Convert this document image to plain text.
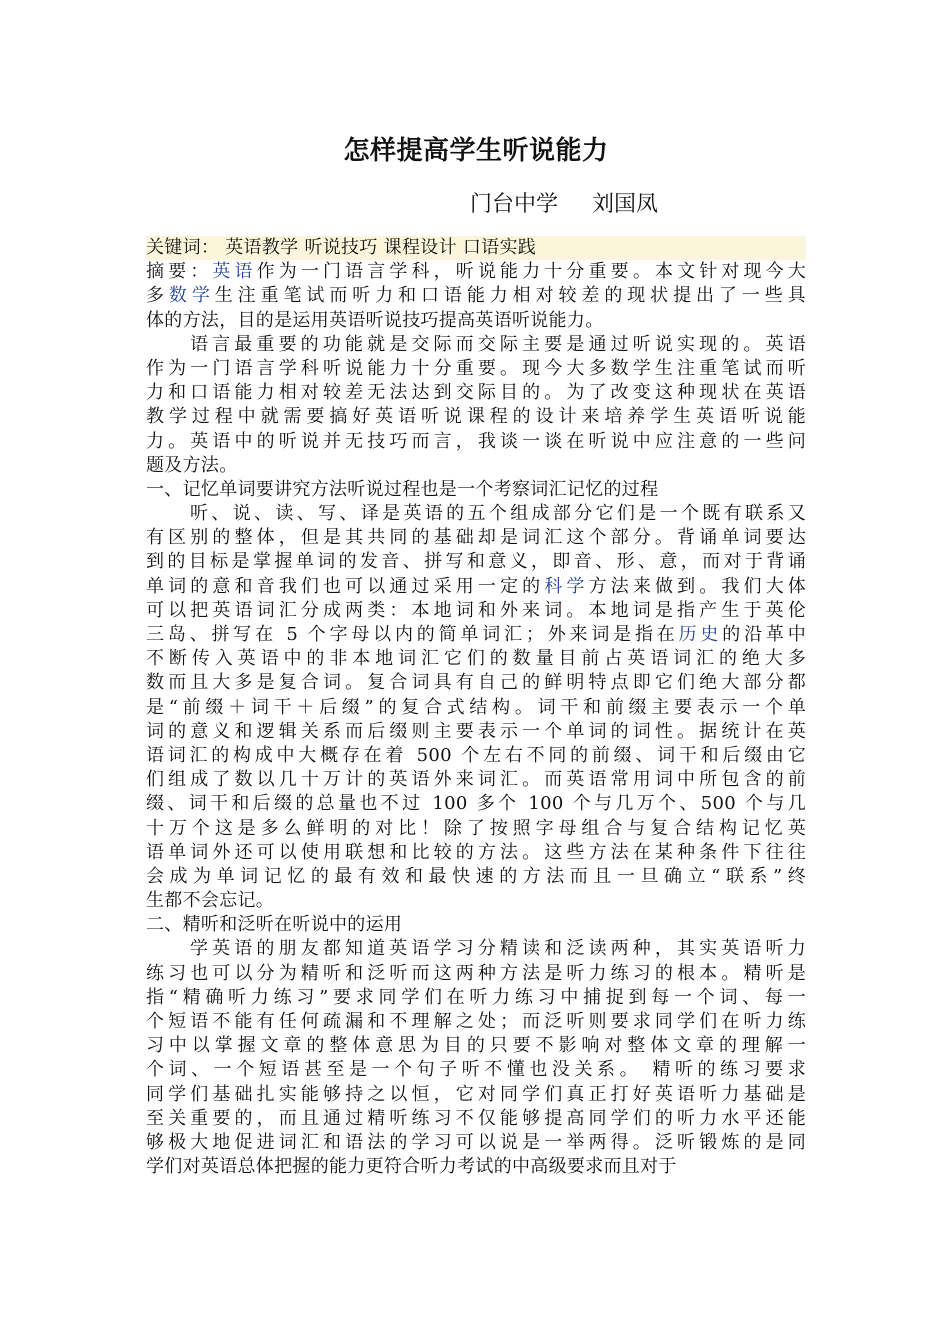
怎样提高学生听说能力
门台中学 刘国凤
关键词： 英语教学 听说技巧 课程设计 口语实践
摘要：英语作为一门语言学科，听说能力十分重要。本文针对现今大
多数学生注重笔试而听力和口语能力相对较差的现状提出了一些具
体的方法，目的是运用英语听说技巧提高英语听说能力。
语言最重要的功能就是交际而交际主要是通过听说实现的。英语
作为一门语言学科听说能力十分重要。现今大多数学生注重笔试而听
力和口语能力相对较差无法达到交际目的。为了改变这种现状在英语
教学过程中就需要搞好英语听说课程的设计来培养学生英语听说能
力。英语中的听说并无技巧而言，我谈一谈在听说中应注意的一些问
题及方法。
一、记忆单词要讲究方法听说过程也是一个考察词汇记忆的过程
听、说、读、写、译是英语的五个组成部分它们是一个既有联系又
有区别的整体，但是其共同的基础却是词汇这个部分。背诵单词要达
到的目标是掌握单词的发音、拼写和意义，即音、形、意，而对于背诵
单词的意和音我们也可以通过采用一定的科学方法来做到。我们大体
可以把英语词汇分成两类：本地词和外来词。本地词是指产生于英伦
三岛、拼写在 5 个字母以内的简单词汇；外来词是指在历史的沿革中
不断传入英语中的非本地词汇它们的数量目前占英语词汇的绝大多
数而且大多是复合词。复合词具有自己的鲜明特点即它们绝大部分都
是“前缀＋词干＋后缀”的复合式结构。词干和前缀主要表示一个单
词的意义和逻辑关系而后缀则主要表示一个单词的词性。据统计在英
语词汇的构成中大概存在着 500 个左右不同的前缀、词干和后缀由它
们组成了数以几十万计的英语外来词汇。而英语常用词中所包含的前
缀、词干和后缀的总量也不过 100 多个 100 个与几万个、500 个与几
十万个这是多么鲜明的对比！除了按照字母组合与复合结构记忆英
语单词外还可以使用联想和比较的方法。这些方法在某种条件下往往
会成为单词记忆的最有效和最快速的方法而且一旦确立“联系”终
生都不会忘记。
二、精听和泛听在听说中的运用
学英语的朋友都知道英语学习分精读和泛读两种，其实英语听力
练习也可以分为精听和泛听而这两种方法是听力练习的根本。精听是
指“精确听力练习”要求同学们在听力练习中捕捉到每一个词、每一
个短语不能有任何疏漏和不理解之处；而泛听则要求同学们在听力练
习中以掌握文章的整体意思为目的只要不影响对整体文章的理解一
个词、一个短语甚至是一个句子听不懂也没关系。 精听的练习要求
同学们基础扎实能够持之以恒，它对同学们真正打好英语听力基础是
至关重要的，而且通过精听练习不仅能够提高同学们的听力水平还能
够极大地促进词汇和语法的学习可以说是一举两得。泛听锻炼的是同
学们对英语总体把握的能力更符合听力考试的中高级要求而且对于
